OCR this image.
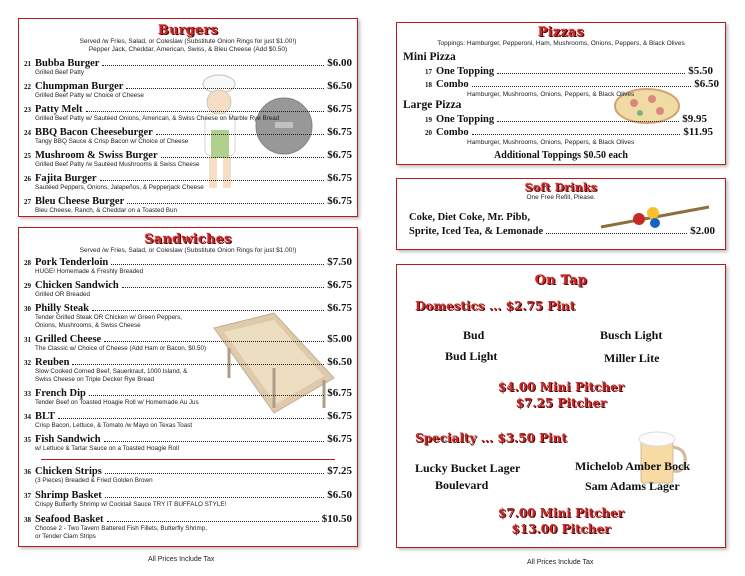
Burgers
Served /w Fries, Salad, or Coleslaw (Substitute Onion Rings for just $1.00!)
Pepper Jack, Cheddar, American, Swiss, & Bleu Cheese (Add $0.50)
21 Bubba Burger	$6.00
Grilled Beef Patty
22 Chumpman Burger	$6.50
Grilled Beef Patty w/ Choice of Cheese
23 Patty Melt	$6.75
Grilled Beef Patty w/ Sautéed Onions, American, & Swiss Cheese on Marble Rye Bread
24 BBQ Bacon Cheeseburger	$6.75
Tangy BBQ Sauce & Crisp Bacon w/ Choice of Cheese
25 Mushroom & Swiss Burger	$6.75
Grilled Beef Patty /w Sautéed Mushrooms & Swiss Cheese
26 Fajita Burger	$6.75
Sautéed Peppers, Onions, Jalapeños, & Pepperjack Cheese
27 Bleu Cheese Burger	$6.75
Bleu Cheese, Ranch, & Cheddar on a Toasted Bun
Sandwiches
Served /w Fries, Salad, or Coleslaw (Substitute Onion Rings for just $1.00!)
28 Pork Tenderloin	$7.50
HUGE! Homemade & Freshly Breaded
29 Chicken Sandwich	$6.75
Grilled OR Breaded
30 Philly Steak	$6.75
Tender Grilled Steak OR Chicken w/ Green Peppers, Onions, Mushrooms, & Swiss Cheese
31 Grilled Cheese	$5.00
The Classic w/ Choice of Cheese (Add Ham or Bacon, $0.50)
32 Reuben	$6.50
Slow Cooked Corned Beef, Sauerkraut, 1000 Island, & Swiss Cheese on Triple Decker Rye Bread
33 French Dip	$6.75
Tender Beef on Toasted Hoagie Roll w/ Homemade Au Jus
34 BLT	$6.75
Crisp Bacon, Lettuce, & Tomato /w Mayo on Texas Toast
35 Fish Sandwich	$6.75
w/ Lettuce & Tartar Sauce on a Toasted Hoagie Roll
36 Chicken Strips	$7.25
(3 Pieces) Breaded & Fried Golden Brown
37 Shrimp Basket	$6.50
Crispy Butterfly Shrimp w/ Cocktail Sauce TRY IT BUFFALO STYLE!
38 Seafood Basket	$10.50
Choose 2 - Two Tavern Battered Fish Fillets, Butterfly Shrimp, or Tender Clam Strips
All Prices Include Tax
Pizzas
Toppings: Hamburger, Pepperoni, Ham, Mushrooms, Onions, Peppers, & Black Olives
Mini Pizza
17 One Topping	$5.50
18 Combo	$6.50
Hamburger, Mushrooms, Onions, Peppers, & Black Olives
Large Pizza
19 One Topping	$9.95
20 Combo	$11.95
Hamburger, Mushrooms, Onions, Peppers, & Black Olives
Additional Toppings $0.50 each
Soft Drinks
One Free Refill, Please.
Coke, Diet Coke, Mr. Pibb,
Sprite, Iced Tea, & Lemonade	$2.00
On Tap
Domestics ... $2.75 Pint
Bud	Busch Light
Bud Light	Miller Lite
$4.00 Mini Pitcher
$7.25 Pitcher
Specialty ... $3.50 Pint
Lucky Bucket Lager	Michelob Amber Bock
Boulevard	Sam Adams Lager
$7.00 Mini Pitcher
$13.00 Pitcher
All Prices Include Tax
